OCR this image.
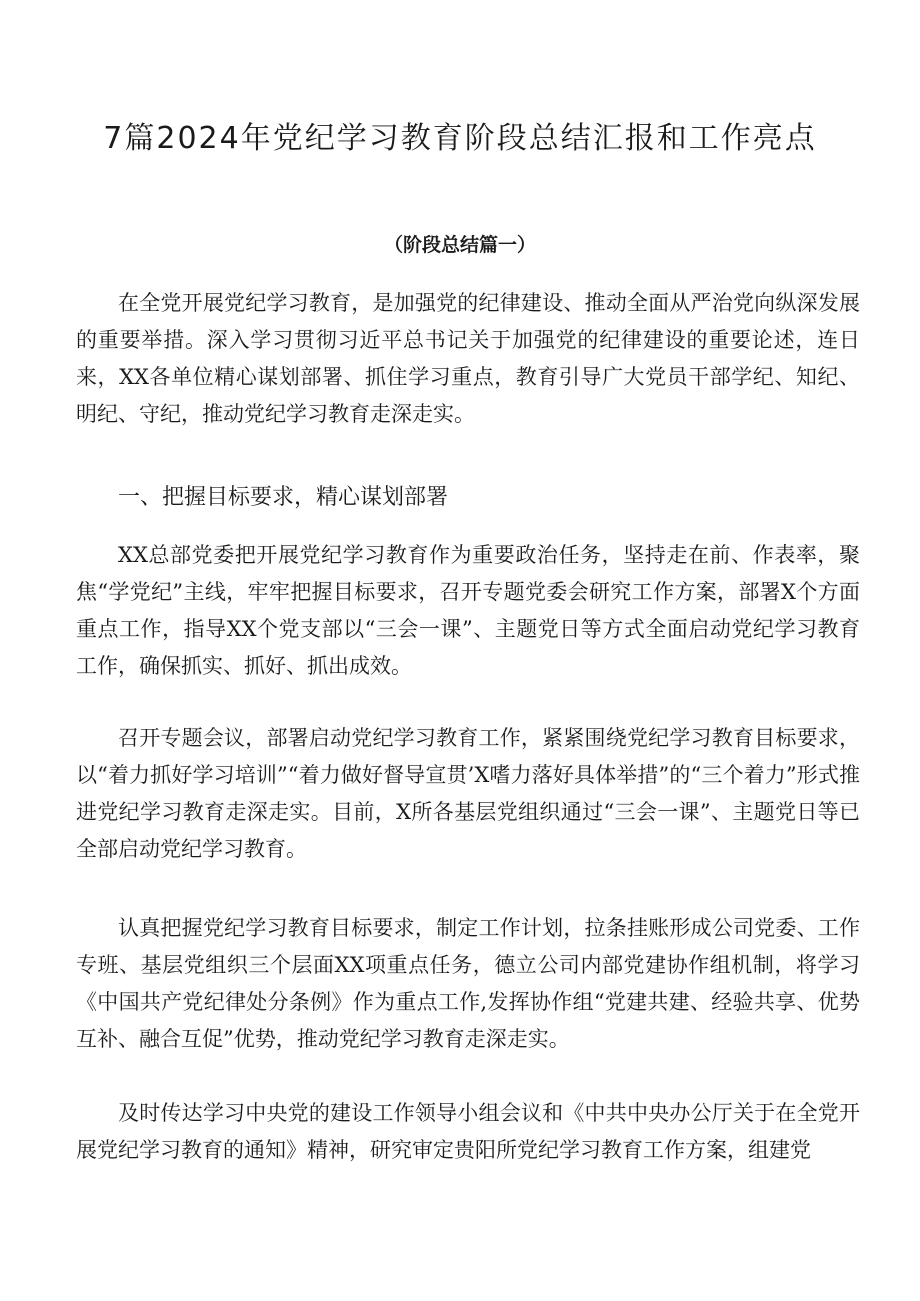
7篇2024年党纪学习教育阶段总结汇报和工作亮点
（阶段总结篇一）

在全党开展党纪学习教育，是加强党的纪律建设、推动全面从严治党向纵深发展的重要举措。深入学习贯彻习近平总书记关于加强党的纪律建设的重要论述，连日来，XX各单位精心谋划部署、抓住学习重点，教育引导广大党员干部学纪、知纪、明纪、守纪，推动党纪学习教育走深走实。

一、把握目标要求，精心谋划部署

XX总部党委把开展党纪学习教育作为重要政治任务，坚持走在前、作表率，聚焦“学党纪”主线，牢牢把握目标要求，召开专题党委会研究工作方案，部署X个方面重点工作，指导XX个党支部以“三会一课”、主题党日等方式全面启动党纪学习教育工作，确保抓实、抓好、抓出成效。

召开专题会议，部署启动党纪学习教育工作，紧紧围绕党纪学习教育目标要求，以“着力抓好学习培训”“着力做好督导宣贯’X嗜力落好具体举措”的“三个着力”形式推进党纪学习教育走深走实。目前，X所各基层党组织通过“三会一课”、主题党日等已全部启动党纪学习教育。

认真把握党纪学习教育目标要求，制定工作计划，拉条挂账形成公司党委、工作专班、基层党组织三个层面XX项重点任务，德立公司内部党建协作组机制，将学习《中国共产党纪律处分条例》作为重点工作,发挥协作组“党建共建、经验共享、优势互补、融合互促”优势，推动党纪学习教育走深走实。

及时传达学习中央党的建设工作领导小组会议和《中共中央办公厅关于在全党开展党纪学习教育的通知》精神，研究审定贵阳所党纪学习教育工作方案，组建党
